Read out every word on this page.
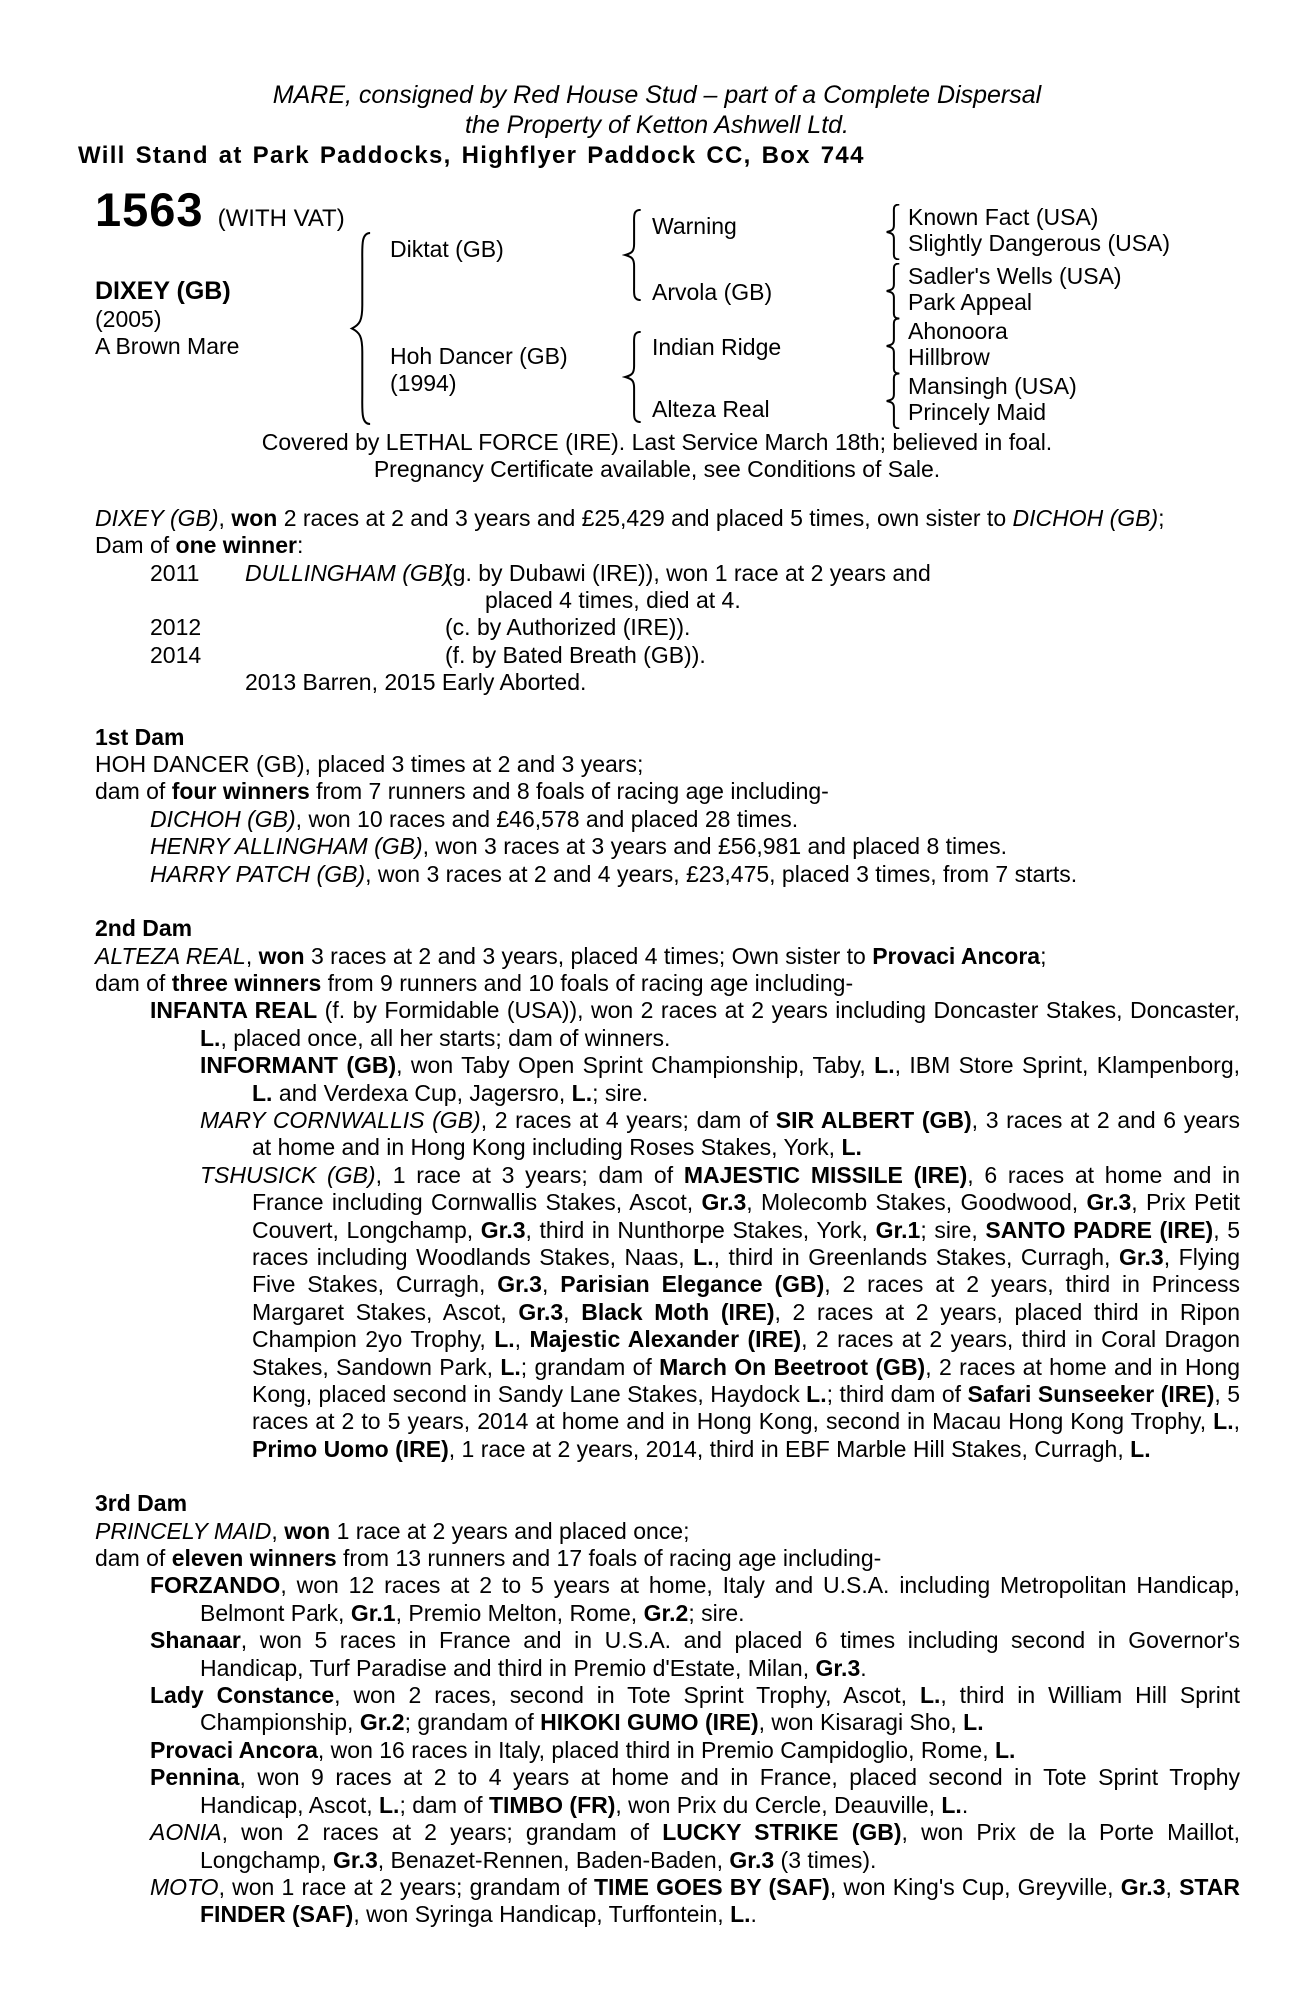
MARE, consigned by Red House Stud – part of a Complete Dispersal
the Property of Ketton Ashwell Ltd.
Will Stand at Park Paddocks, Highflyer Paddock CC, Box 744
1563 (WITH VAT)
DIXEY (GB)
(2005)
A Brown Mare
Diktat (GB)
Hoh Dancer (GB)
(1994)
Warning
Arvola (GB)
Indian Ridge
Alteza Real
Known Fact (USA)
Slightly Dangerous (USA)
Sadler's Wells (USA)
Park Appeal
Ahonoora
Hillbrow
Mansingh (USA)
Princely Maid
Covered by LETHAL FORCE (IRE). Last Service March 18th; believed in foal.
Pregnancy Certificate available, see Conditions of Sale.

DIXEY (GB), won 2 races at 2 and 3 years and £25,429 and placed 5 times, own sister to DICHOH (GB);

Dam of one winner:

2011 DULLINGHAM (GB)
(g. by Dubawi (IRE)), won 1 race at 2 years and placed 4 times, died at 4.
2012	(c. by Authorized (IRE)).
2014	(f. by Bated Breath (GB)).
2013 Barren, 2015 Early Aborted.
1st Dam

HOH DANCER (GB), placed 3 times at 2 and 3 years;

dam of four winners from 7 runners and 8 foals of racing age including-

DICHOH (GB), won 10 races and £46,578 and placed 28 times.

HENRY ALLINGHAM (GB), won 3 races at 3 years and £56,981 and placed 8 times.

HARRY PATCH (GB), won 3 races at 2 and 4 years, £23,475, placed 3 times, from 7 starts.

2nd Dam

ALTEZA REAL, won 3 races at 2 and 3 years, placed 4 times; Own sister to Provaci Ancora;

dam of three winners from 9 runners and 10 foals of racing age including-

INFANTA REAL (f. by Formidable (USA)), won 2 races at 2 years including Doncaster Stakes, Doncaster, L., placed once, all her starts; dam of winners.

INFORMANT (GB), won Taby Open Sprint Championship, Taby, L., IBM Store Sprint, Klampenborg, L. and Verdexa Cup, Jagersro, L.; sire.

MARY CORNWALLIS (GB), 2 races at 4 years; dam of SIR ALBERT (GB), 3 races at 2 and 6 years at home and in Hong Kong including Roses Stakes, York, L.

TSHUSICK (GB), 1 race at 3 years; dam of MAJESTIC MISSILE (IRE), 6 races at home and in France including Cornwallis Stakes, Ascot, Gr.3, Molecomb Stakes, Goodwood, Gr.3, Prix Petit Couvert, Longchamp, Gr.3, third in Nunthorpe Stakes, York, Gr.1; sire, SANTO PADRE (IRE), 5 races including Woodlands Stakes, Naas, L., third in Greenlands Stakes, Curragh, Gr.3, Flying Five Stakes, Curragh, Gr.3, Parisian Elegance (GB), 2 races at 2 years, third in Princess Margaret Stakes, Ascot, Gr.3, Black Moth (IRE), 2 races at 2 years, placed third in Ripon Champion 2yo Trophy, L., Majestic Alexander (IRE), 2 races at 2 years, third in Coral Dragon Stakes, Sandown Park, L.; grandam of March On Beetroot (GB), 2 races at home and in Hong Kong, placed second in Sandy Lane Stakes, Haydock L.; third dam of Safari Sunseeker (IRE), 5 races at 2 to 5 years, 2014 at home and in Hong Kong, second in Macau Hong Kong Trophy, L., Primo Uomo (IRE), 1 race at 2 years, 2014, third in EBF Marble Hill Stakes, Curragh, L.

3rd Dam

PRINCELY MAID, won 1 race at 2 years and placed once;

dam of eleven winners from 13 runners and 17 foals of racing age including-

FORZANDO, won 12 races at 2 to 5 years at home, Italy and U.S.A. including Metropolitan Handicap, Belmont Park, Gr.1, Premio Melton, Rome, Gr.2; sire.

Shanaar, won 5 races in France and in U.S.A. and placed 6 times including second in Governor's Handicap, Turf Paradise and third in Premio d'Estate, Milan, Gr.3.

Lady Constance, won 2 races, second in Tote Sprint Trophy, Ascot, L., third in William Hill Sprint Championship, Gr.2; grandam of HIKOKI GUMO (IRE), won Kisaragi Sho, L.

Provaci Ancora, won 16 races in Italy, placed third in Premio Campidoglio, Rome, L.

Pennina, won 9 races at 2 to 4 years at home and in France, placed second in Tote Sprint Trophy Handicap, Ascot, L.; dam of TIMBO (FR), won Prix du Cercle, Deauville, L..

AONIA, won 2 races at 2 years; grandam of LUCKY STRIKE (GB), won Prix de la Porte Maillot, Longchamp, Gr.3, Benazet-Rennen, Baden-Baden, Gr.3 (3 times).

MOTO, won 1 race at 2 years; grandam of TIME GOES BY (SAF), won King's Cup, Greyville, Gr.3, STAR FINDER (SAF), won Syringa Handicap, Turffontein, L..
